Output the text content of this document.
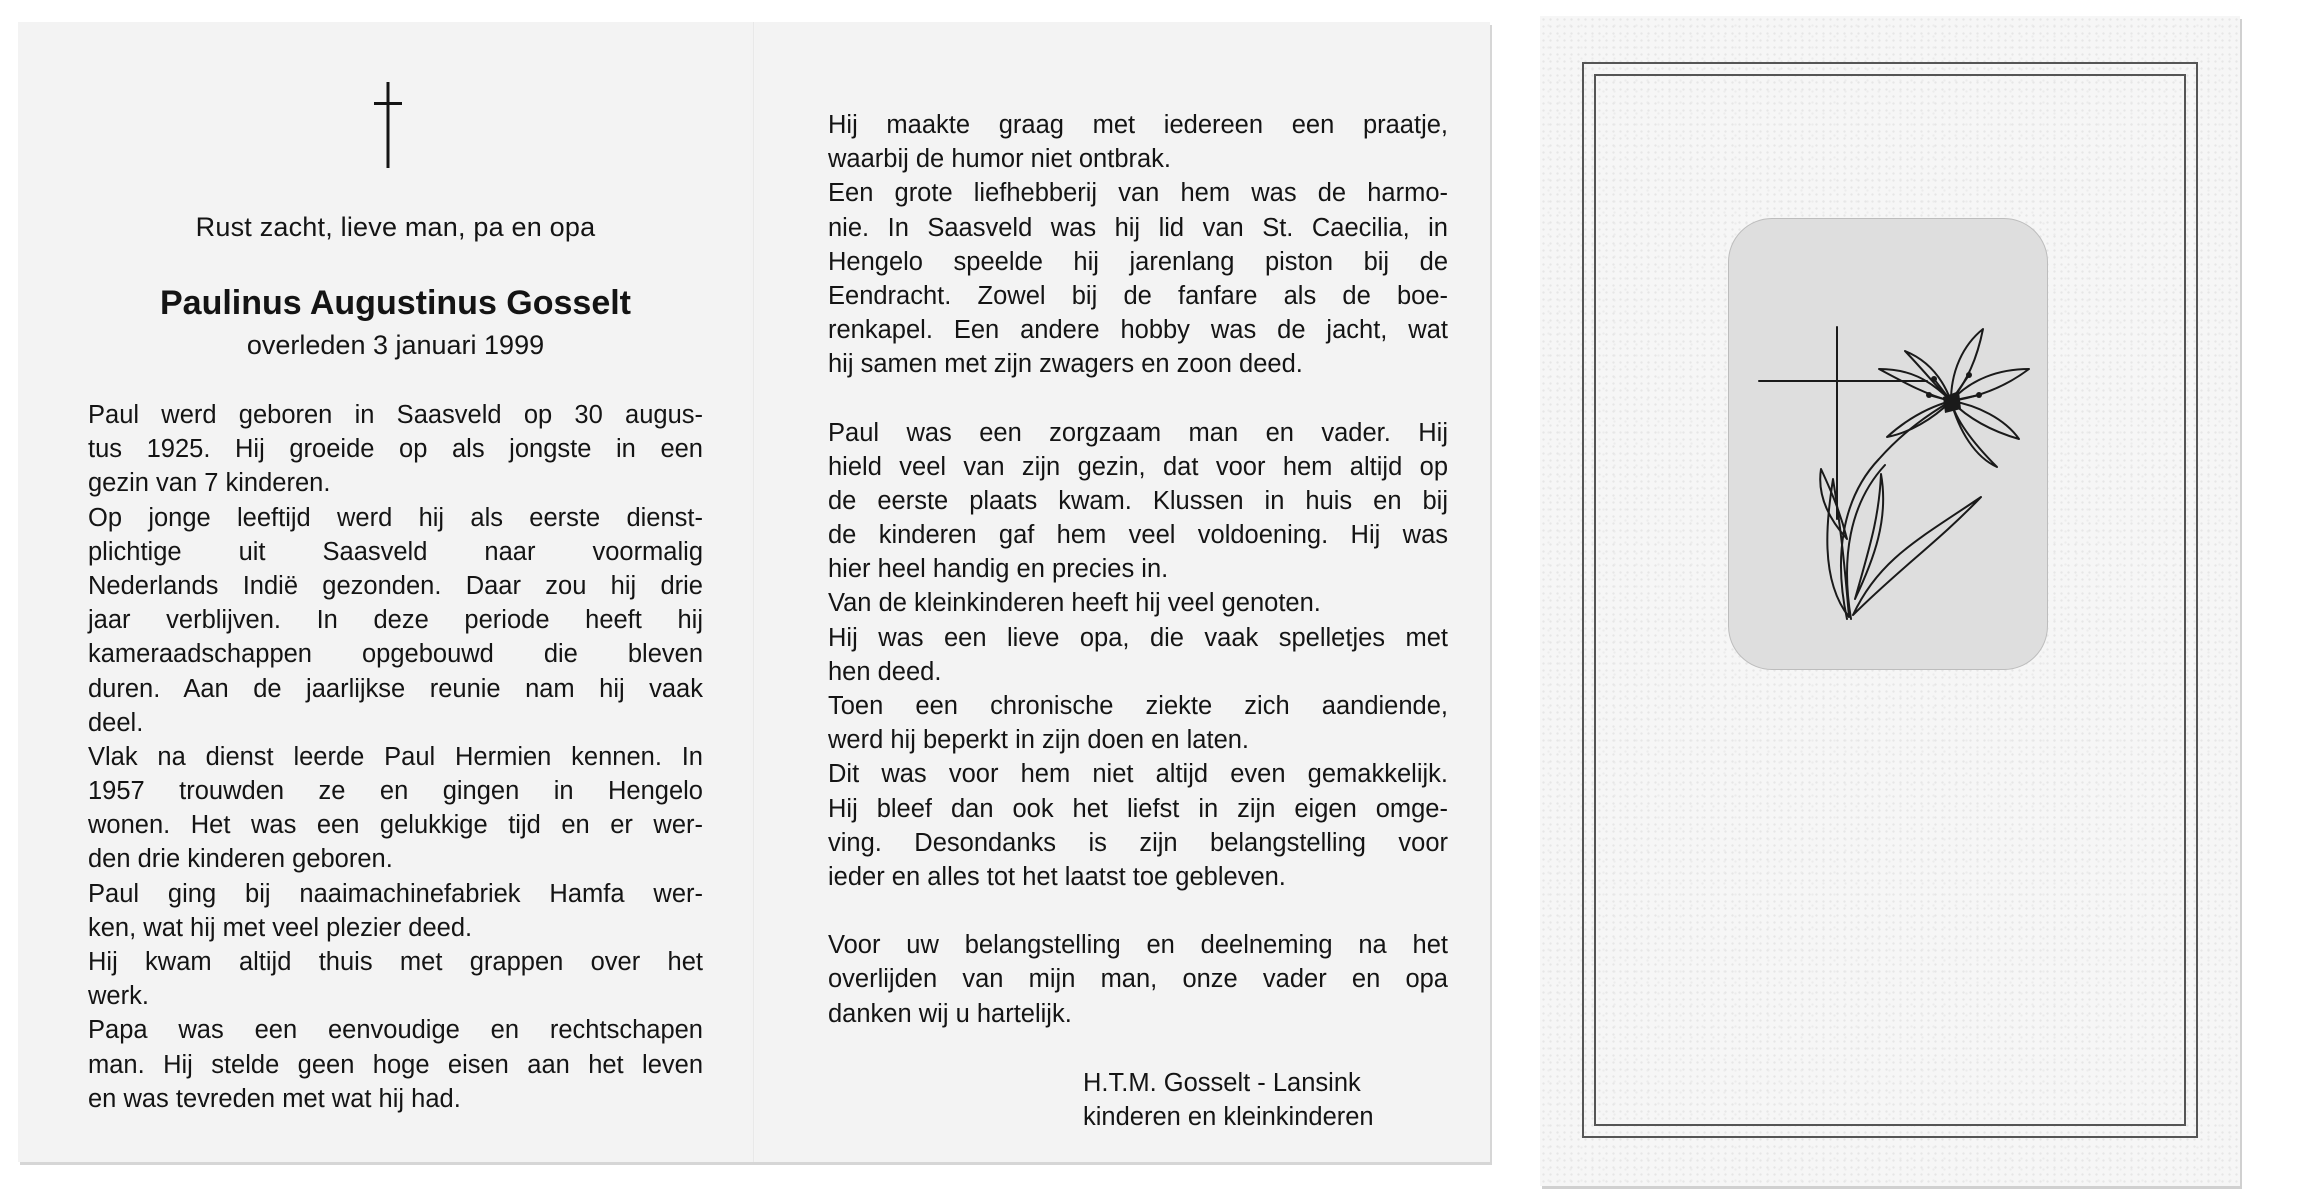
Rust zacht, lieve man, pa en opa
Paulinus Augustinus Gosselt
overleden 3 januari 1999
Paul werd geboren in Saasveld op 30 augus-
tus 1925. Hij groeide op als jongste in een
gezin van 7 kinderen.
Op jonge leeftijd werd hij als eerste dienst-
plichtige uit Saasveld naar voormalig
Nederlands Indië gezonden. Daar zou hij drie
jaar verblijven. In deze periode heeft hij
kameraadschappen opgebouwd die bleven
duren. Aan de jaarlijkse reunie nam hij vaak
deel.
Vlak na dienst leerde Paul Hermien kennen. In
1957 trouwden ze en gingen in Hengelo
wonen. Het was een gelukkige tijd en er wer-
den drie kinderen geboren.
Paul ging bij naaimachinefabriek Hamfa wer-
ken, wat hij met veel plezier deed.
Hij kwam altijd thuis met grappen over het
werk.
Papa was een eenvoudige en rechtschapen
man. Hij stelde geen hoge eisen aan het leven
en was tevreden met wat hij had.
Hij maakte graag met iedereen een praatje,
waarbij de humor niet ontbrak.
Een grote liefhebberij van hem was de harmo-
nie. In Saasveld was hij lid van St. Caecilia, in
Hengelo speelde hij jarenlang piston bij de
Eendracht. Zowel bij de fanfare als de boe-
renkapel. Een andere hobby was de jacht, wat
hij samen met zijn zwagers en zoon deed.
Paul was een zorgzaam man en vader. Hij
hield veel van zijn gezin, dat voor hem altijd op
de eerste plaats kwam. Klussen in huis en bij
de kinderen gaf hem veel voldoening. Hij was
hier heel handig en precies in.
Van de kleinkinderen heeft hij veel genoten.
Hij was een lieve opa, die vaak spelletjes met
hen deed.
Toen een chronische ziekte zich aandiende,
werd hij beperkt in zijn doen en laten.
Dit was voor hem niet altijd even gemakkelijk.
Hij bleef dan ook het liefst in zijn eigen omge-
ving. Desondanks is zijn belangstelling voor
ieder en alles tot het laatst toe gebleven.
Voor uw belangstelling en deelneming na het
overlijden van mijn man, onze vader en opa
danken wij u hartelijk.
H.T.M. Gosselt - Lansink
kinderen en kleinkinderen
